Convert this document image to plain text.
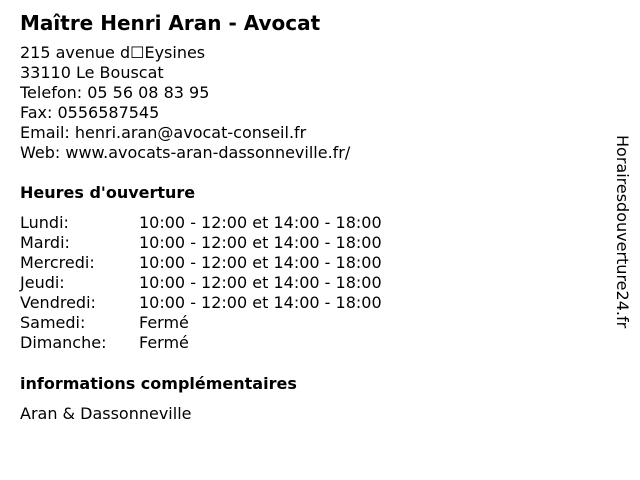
Maître Henri Aran - Avocat
215 avenue d☐Eysines
33110 Le Bouscat
Telefon: 05 56 08 83 95
Fax: 0556587545
Email: henri.aran@avocat-conseil.fr
Web: www.avocats-aran-dassonneville.fr/
Heures d'ouverture
Lundi:	10:00 - 12:00 et 14:00 - 18:00
Mardi:	10:00 - 12:00 et 14:00 - 18:00
Mercredi:	10:00 - 12:00 et 14:00 - 18:00
Jeudi:	10:00 - 12:00 et 14:00 - 18:00
Vendredi:	10:00 - 12:00 et 14:00 - 18:00
Samedi:	Fermé
Dimanche: Fermé
informations complémentaires
Aran & Dassonneville
Horairesdouverture24.fr
